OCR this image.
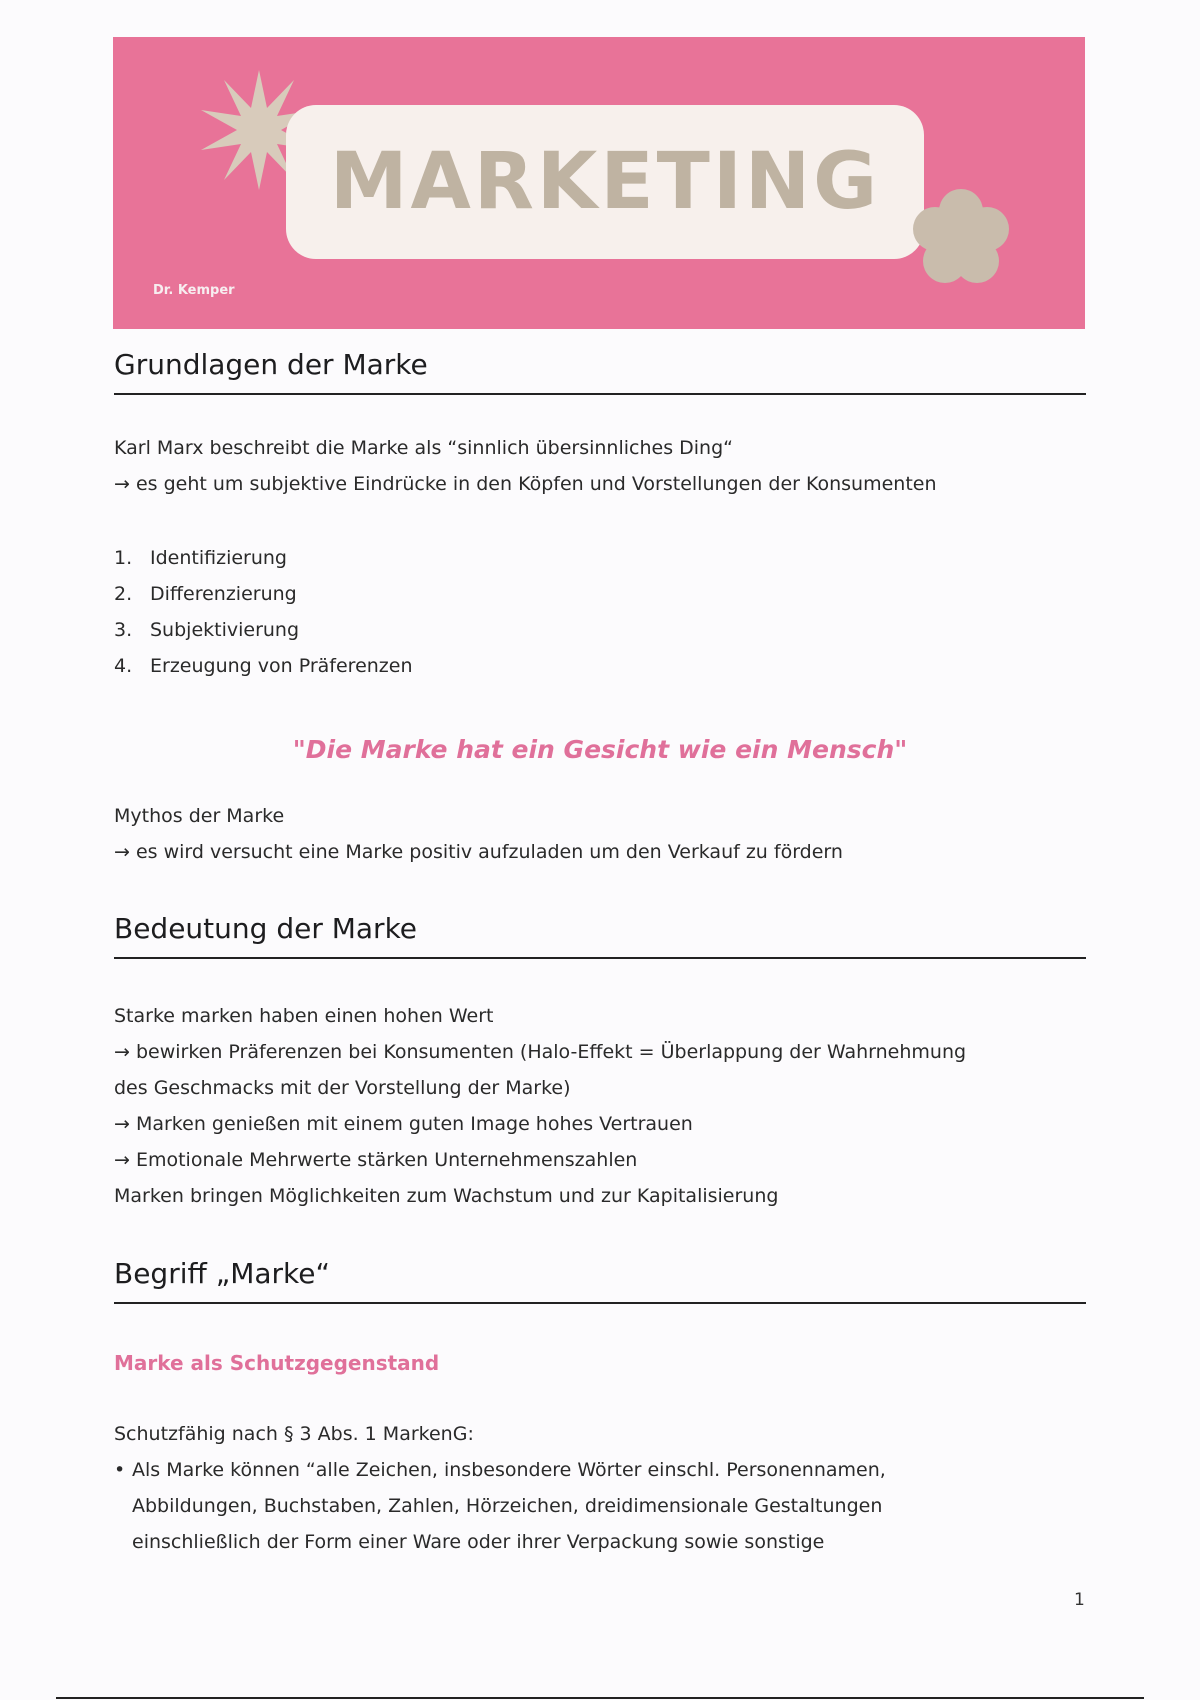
MARKETING
Dr. Kemper
Grundlagen der Marke
Karl Marx beschreibt die Marke als “sinnlich übersinnliches Ding“
→ es geht um subjektive Eindrücke in den Köpfen und Vorstellungen der Konsumenten
1. Identifizierung
2. Differenzierung
3. Subjektivierung
4. Erzeugung von Präferenzen
"Die Marke hat ein Gesicht wie ein Mensch"
Mythos der Marke
→ es wird versucht eine Marke positiv aufzuladen um den Verkauf zu fördern
Bedeutung der Marke
Starke marken haben einen hohen Wert
→ bewirken Präferenzen bei Konsumenten (Halo-Effekt = Überlappung der Wahrnehmung
des Geschmacks mit der Vorstellung der Marke)
→ Marken genießen mit einem guten Image hohes Vertrauen
→ Emotionale Mehrwerte stärken Unternehmenszahlen
Marken bringen Möglichkeiten zum Wachstum und zur Kapitalisierung
Begriff „Marke“
Marke als Schutzgegenstand
Schutzfähig nach § 3 Abs. 1 MarkenG:
• Als Marke können “alle Zeichen, insbesondere Wörter einschl. Personennamen,
Abbildungen, Buchstaben, Zahlen, Hörzeichen, dreidimensionale Gestaltungen
einschließlich der Form einer Ware oder ihrer Verpackung sowie sonstige
1
